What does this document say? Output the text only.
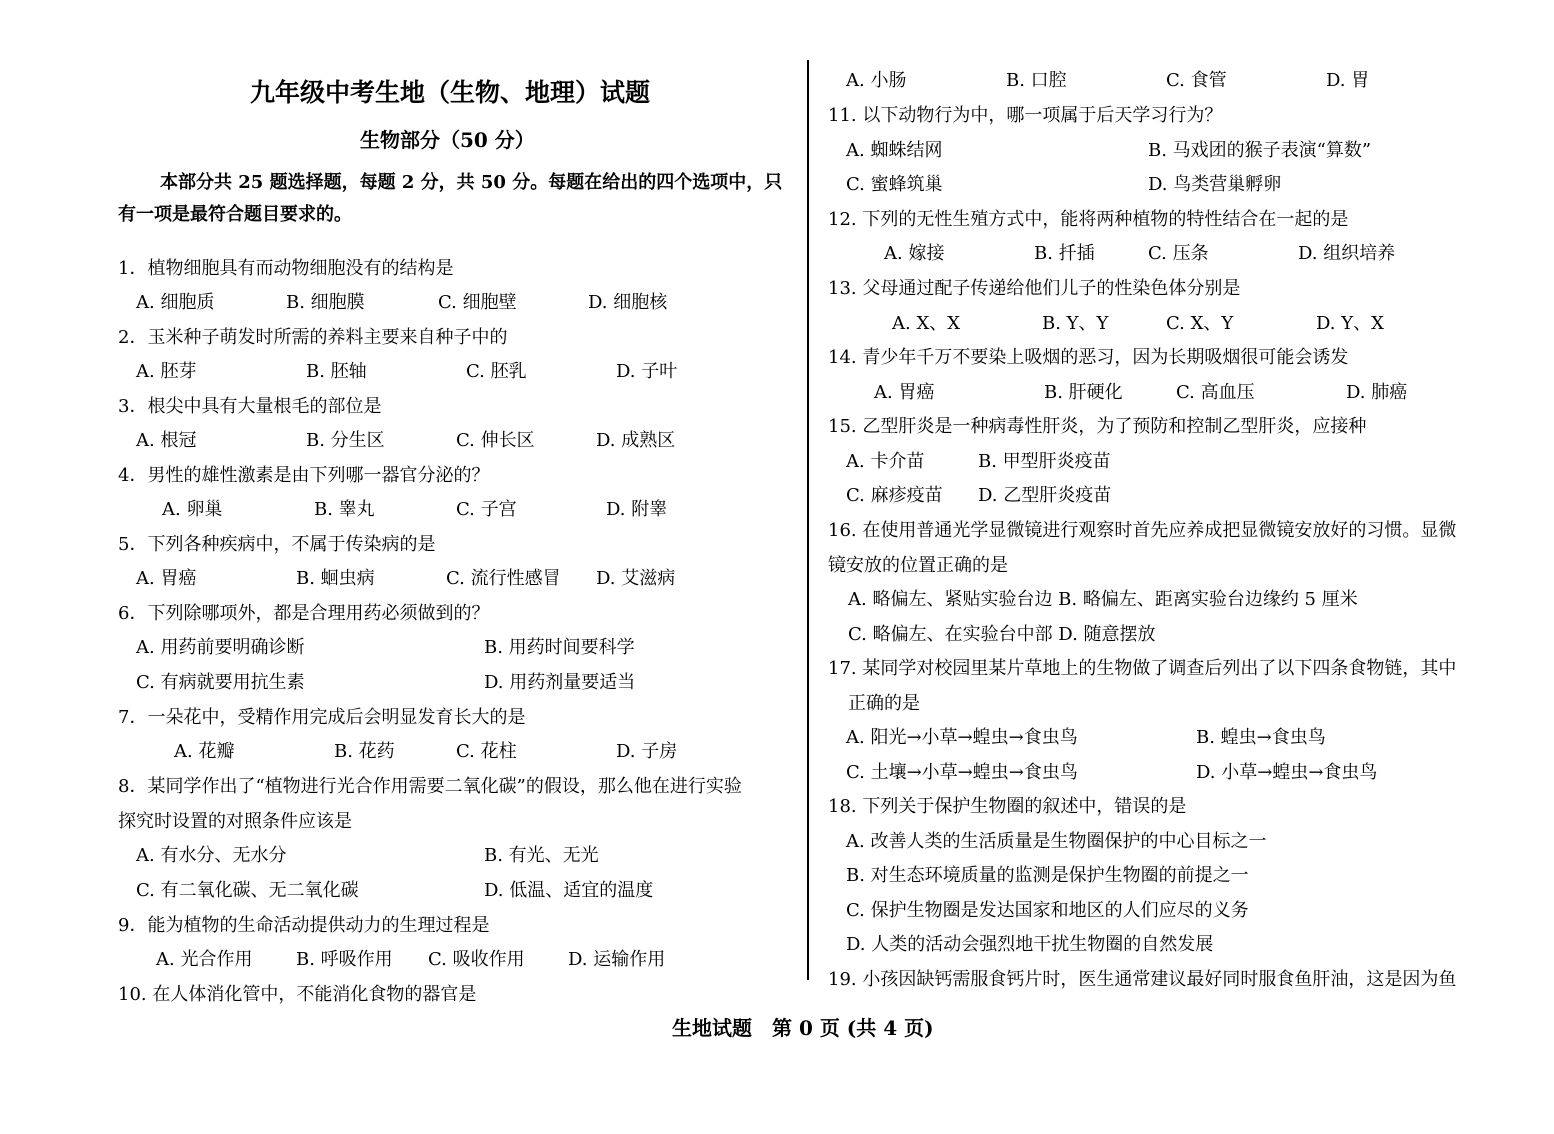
九年级中考生地（生物、地理）试题
生物部分（50 分）
本部分共 25 题选择题，每题 2 分，共 50 分。每题在给出的四个选项中，只
有一项是最符合题目要求的。
1．植物细胞具有而动物细胞没有的结构是
A. 细胞质	B. 细胞膜	C. 细胞壁	D. 细胞核
2．玉米种子萌发时所需的养料主要来自种子中的
A. 胚芽	B. 胚轴	C. 胚乳	D. 子叶
3．根尖中具有大量根毛的部位是
A. 根冠	B. 分生区	C. 伸长区	D. 成熟区
4．男性的雄性激素是由下列哪一器官分泌的？
A. 卵巢	B. 睾丸	C. 子宫	D. 附睾
5．下列各种疾病中，不属于传染病的是
A. 胃癌	B. 蛔虫病	C. 流行性感冒 D. 艾滋病
6．下列除哪项外，都是合理用药必须做到的？
A. 用药前要明确诊断	B. 用药时间要科学
C. 有病就要用抗生素	D. 用药剂量要适当
7．一朵花中，受精作用完成后会明显发育长大的是
A. 花瓣	B. 花药	C. 花柱	D. 子房
8．某同学作出了“植物进行光合作用需要二氧化碳”的假设，那么他在进行实验
探究时设置的对照条件应该是
A. 有水分、无水分	B. 有光、无光
C. 有二氧化碳、无二氧化碳	D. 低温、适宜的温度
9．能为植物的生命活动提供动力的生理过程是
A. 光合作用 B. 呼吸作用 C. 吸收作用 D. 运输作用
10. 在人体消化管中，不能消化食物的器官是
A. 小肠	B. 口腔	C. 食管	D. 胃
11. 以下动物行为中，哪一项属于后天学习行为？
A. 蜘蛛结网	B. 马戏团的猴子表演“算数”
C. 蜜蜂筑巢	D. 鸟类营巢孵卵
12. 下列的无性生殖方式中，能将两种植物的特性结合在一起的是
A. 嫁接	B. 扦插	C. 压条	D. 组织培养
13. 父母通过配子传递给他们儿子的性染色体分别是
A. X、X	B. Y、Y	C. X、Y	D. Y、X
14. 青少年千万不要染上吸烟的恶习，因为长期吸烟很可能会诱发
A. 胃癌	B. 肝硬化	C. 高血压	D. 肺癌
15. 乙型肝炎是一种病毒性肝炎，为了预防和控制乙型肝炎，应接种
A. 卡介苗	B. 甲型肝炎疫苗
C. 麻疹疫苗 D. 乙型肝炎疫苗
16. 在使用普通光学显微镜进行观察时首先应养成把显微镜安放好的习惯。显微
镜安放的位置正确的是
A. 略偏左、紧贴实验台边 B. 略偏左、距离实验台边缘约 5 厘米
C. 略偏左、在实验台中部 D. 随意摆放
17. 某同学对校园里某片草地上的生物做了调查后列出了以下四条食物链，其中
正确的是
A. 阳光→小草→蝗虫→食虫鸟	B. 蝗虫→食虫鸟
C. 土壤→小草→蝗虫→食虫鸟	D. 小草→蝗虫→食虫鸟
18. 下列关于保护生物圈的叙述中，错误的是
A. 改善人类的生活质量是生物圈保护的中心目标之一
B. 对生态环境质量的监测是保护生物圈的前提之一
C. 保护生物圈是发达国家和地区的人们应尽的义务
D. 人类的活动会强烈地干扰生物圈的自然发展
19. 小孩因缺钙需服食钙片时，医生通常建议最好同时服食鱼肝油，这是因为鱼
生地试题　第 0 页 (共 4 页)
